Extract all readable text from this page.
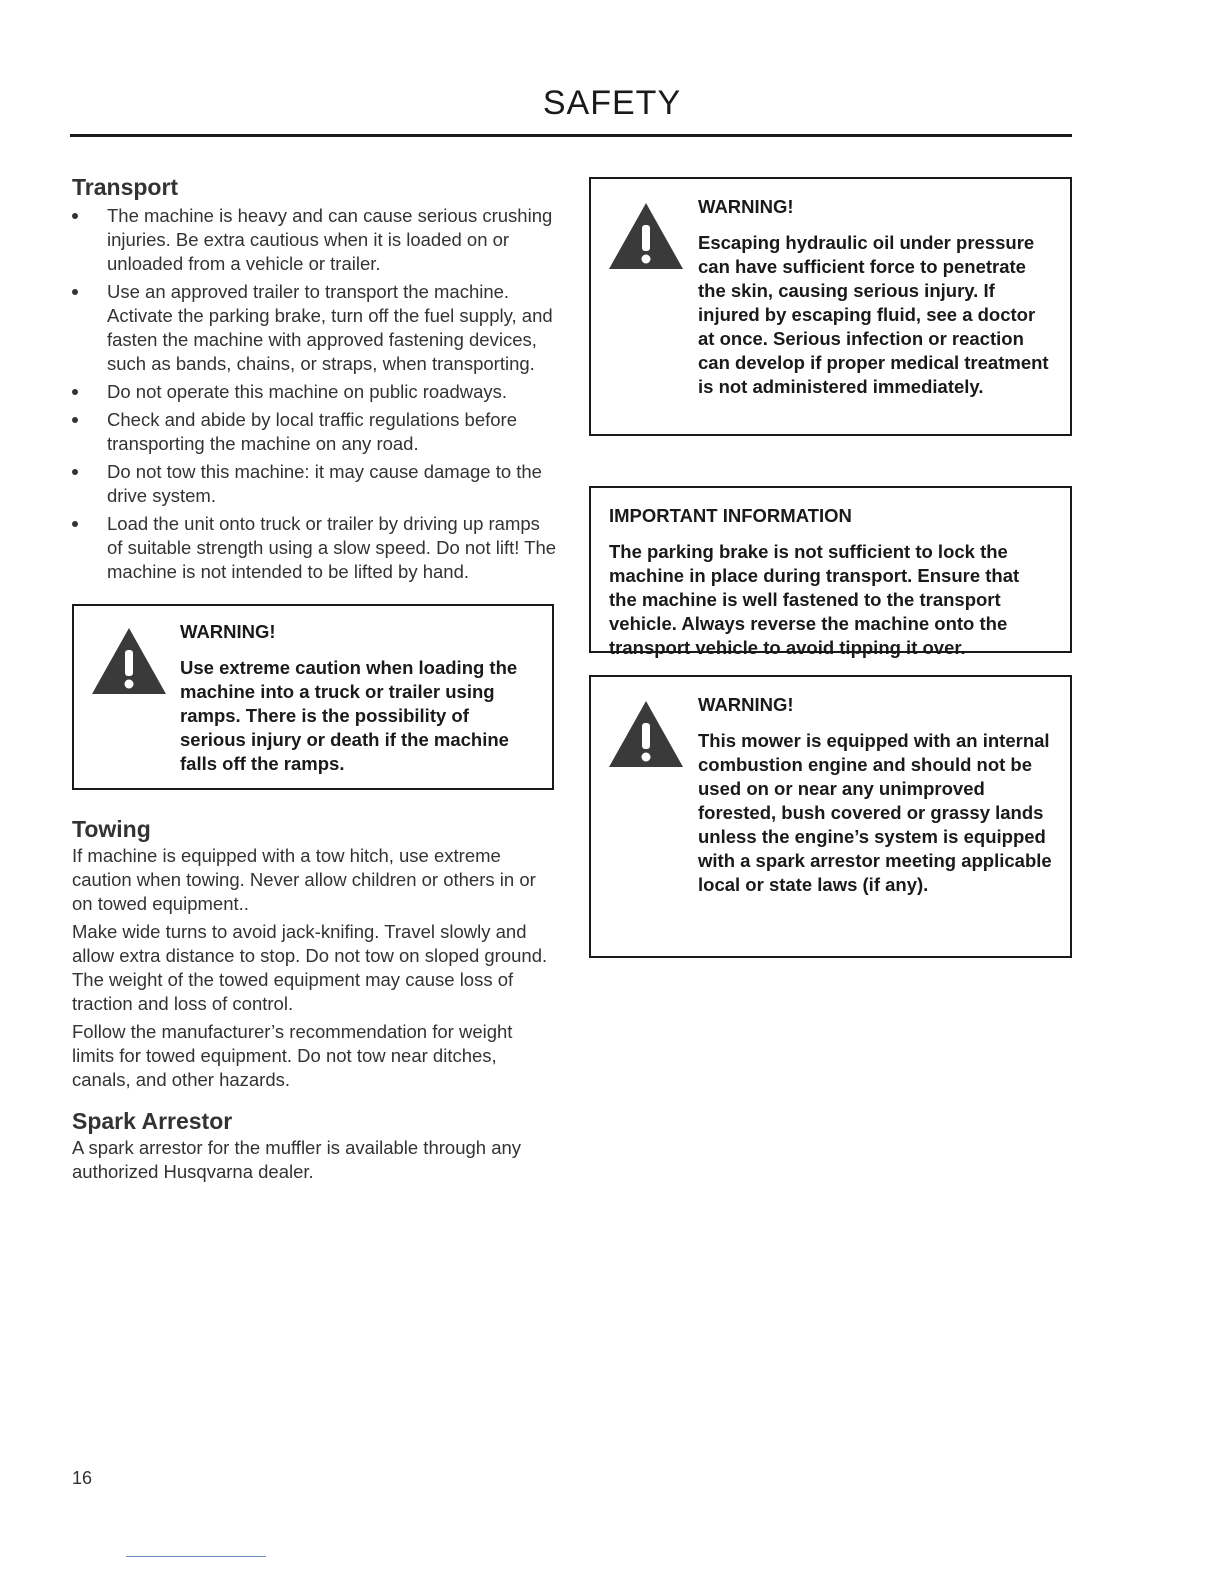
SAFETY
Transport
The machine is heavy and can cause serious crushing injuries. Be extra cautious when it is loaded on or unloaded from a vehicle or trailer.
Use an approved trailer to transport the machine. Activate the parking brake, turn off the fuel supply, and fasten the machine with approved fastening devices, such as bands, chains, or straps, when transporting.
Do not operate this machine on public roadways.
Check and abide by local traffic regulations before transporting the machine on any road.
Do not tow this machine: it may cause damage to the drive system.
Load the unit onto truck or trailer by driving up ramps of suitable strength using a slow speed. Do not lift! The machine is not intended to be lifted by hand.
WARNING!
Use extreme caution when loading the machine into a truck or trailer using ramps. There is the possibility of serious injury or death if the machine falls off the ramps.
Towing

If machine is equipped with a tow hitch, use extreme caution when towing. Never allow children or others in or on towed equipment..

Make wide turns to avoid jack-knifing. Travel slowly and allow extra distance to stop. Do not tow on sloped ground. The weight of the towed equipment may cause loss of traction and loss of control.

Follow the manufacturer’s recommendation for weight limits for towed equipment. Do not tow near ditches, canals, and other hazards.

Spark Arrestor

A spark arrestor for the muffler is available through any authorized Husqvarna dealer.

WARNING!
Escaping hydraulic oil under pressure can have sufficient force to penetrate the skin, causing serious injury. If injured by escaping fluid, see a doctor at once. Serious infection or reaction can develop if proper medical treatment is not administered immediately.
IMPORTANT INFORMATION
The parking brake is not sufficient to lock the machine in place during transport. Ensure that the machine is well fastened to the transport vehicle. Always reverse the machine onto the transport vehicle to avoid tipping it over.
WARNING!
This mower is equipped with an internal combustion engine and should not be used on or near any unimproved forested, bush covered or grassy lands unless the engine’s system is equipped with a spark arrestor meeting applicable local or state laws (if any).
16
